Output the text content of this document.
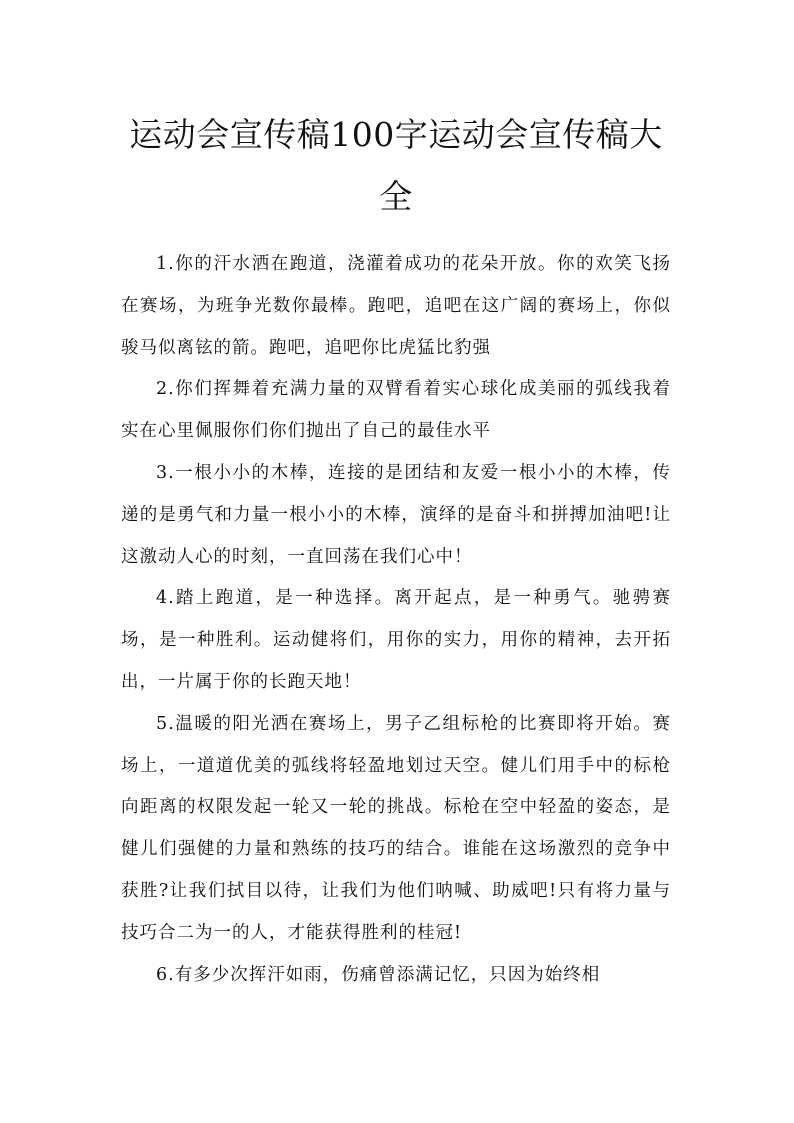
运动会宣传稿100字运动会宣传稿大全

1.你的汗水洒在跑道，浇灌着成功的花朵开放。你的欢笑飞扬在赛场，为班争光数你最棒。跑吧，追吧在这广阔的赛场上，你似骏马似离铉的箭。跑吧，追吧你比虎猛比豹强

2.你们挥舞着充满力量的双臂看着实心球化成美丽的弧线我着实在心里佩服你们你们抛出了自己的最佳水平

3.一根小小的木棒，连接的是团结和友爱一根小小的木棒，传递的是勇气和力量一根小小的木棒，演绎的是奋斗和拼搏加油吧!让这激动人心的时刻，一直回荡在我们心中！

4.踏上跑道，是一种选择。离开起点，是一种勇气。驰骋赛场，是一种胜利。运动健将们，用你的实力，用你的精神，去开拓出，一片属于你的长跑天地！

5.温暖的阳光洒在赛场上，男子乙组标枪的比赛即将开始。赛场上，一道道优美的弧线将轻盈地划过天空。健儿们用手中的标枪向距离的权限发起一轮又一轮的挑战。标枪在空中轻盈的姿态，是健儿们强健的力量和熟练的技巧的结合。谁能在这场激烈的竞争中获胜?让我们拭目以待，让我们为他们呐喊、助威吧!只有将力量与技巧合二为一的人，才能获得胜利的桂冠!

6.有多少次挥汗如雨，伤痛曾添满记忆，只因为始终相
